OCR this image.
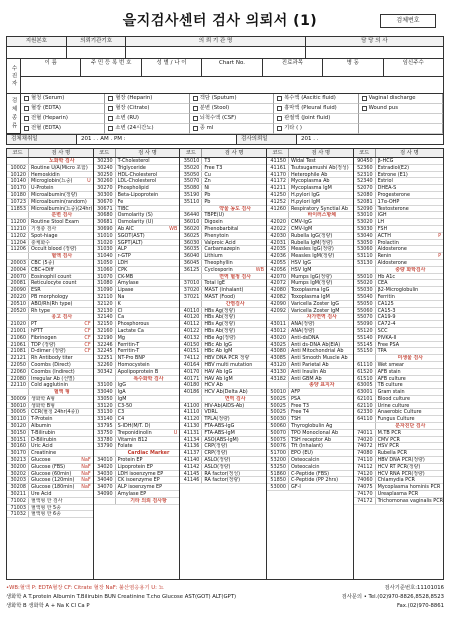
을지검사센터 검사 의뢰서 (1)	검체번호
지원본호	의뢰기관기호	의 뢰 기 관 명	담 당 의 사
수진자
이 름	주 민 등 록 번 호	성 별 / 나 이	Chart No.	진료과목	병 동	임신주수
검체종류	혈청 (Serum)	혈장 (Heparin)	객담 (Sputum)	복수액 (Ascitic fluid)	Vaginal discharge
혈장 (EDTA)	혈장 (Citrate)	분변 (Stool)	흉막액 (Pleural fluid)	Wound pus
전혈 (Heparin)	소변 (RU)	뇌척수액 (CSF)	관절액 (Joint fluid)
전혈 (EDTA)	소변 (24시간뇨)	종 ml	기타 ( )
검체채취일	201 . . AM . PM :	검사의뢰일	201 . .
코드	검 사 명
노화학 검사
10002	Routine U/A(Micro 포함)
10120	Hemoskidin
10140	Microglobin(뇨중)	U
10170	U-Protein
10180	Microalbumin(정량)
10723	Microalbumin(random)
11853	Microalbumin(뇨중)(24hr)
분변 검사
11200	Routine Stool Exam
11210	기생충 검사
11202	Spot-hiage
11204	충체화수
11206	Occult blood (정량)
혈액 검사
20003	CBC (5종)
20004	CBC+Diff
20070	Eosinophil count
20081	Reticulocyte count
20090	ESR
20220	PB morphology
20510	ABO/Rh(Rh type)
20520	Rh type
응고 검사
21020	PT	CF
21001	hPTT	CF
21060	Fibrinogen	CF
21061	TDP (정량)	CF
21081	D-dimer (정량)	CF
22121	Rh Antibody titer
22050	Coombs (Direct)
22060	Coombs (Indirect)
22080	Irregular Ab (선별)
22110	Cold agglutinin
혈액 형
30009	생화학 A형
30010	생화학 B형
30005	CCR(혈청 24hr(4종))
30110	T-Protein
30120	Albumin
30150	T-Bilirubin
30151	D-Bilirubin
30160	Uric Acid
30170	Creatinine
30213	Glucose	NaF
30200	Glucose (FBS)	NaF
30202	Glucose (60min)	NaF
30203	Glucose (120min)	NaF
30208	Glucose (180min)	NaF
30211	Ure Acid
71002	혈액형 한 검사
71003	혈액형 한 5종
71032	혈액형 한 6종
코드	검 사 명
30230	T-Cholesterol
30240	Triglyceride
30250	HDL-Cholesterol
30260	LDL-Cholesterol
30270	Phospholipid
30300	Beta-Lipoprotein
30670	Fe
30671	TIBC
30680	Osmolarity (S)
30681	Osmolarity (U)
30690	Ab AIC	WB
31010	SGOT(AST)
31020	SGPT(ALT)
31030	ALP
31040	r-GTP
31050	LDH
31060	CPK
31070	CK-MB
31080	Amylase
31090	Lipase
32110	Na
32120	K
32130	Cl
32140	Ca
32150	Phosphorous
32160	Lactate Ca
32190	Mg
32246	Ferritin-T
32245	Ferritin-T
32251	NT-Pro BNP
32260	Homocystein
30342	Apolipoprotein B
특수화학 검사
33100	IgG
33040	IgA
33050	IgM
33120	C3-50
33130	C3
33140	C4
33795	S-IDH(M/T. D)
33750	Treponidinolin	U
33780	Vitamin B12
33790	Folate
Cardiac Marker
34010	Protein EP
34020	Lipoprotein EP
34030	LDH isoenzyme EP
34040	CK isoenzyme EP
34070	ALP isoenzyme EP
34090	Amylase EP
기타 의뢰 검사항
코드	검 사 명
35010	T3
35020	Free T3
35050	Cu
35070	Zn
35080	Ni
35190	Pb
35110	Pb
약물 농도 검사
36440	TBPE(U)
36010	Digoxin
36020	Phenobarbital
36025	Phenytoin
36030	Valproic Acid
36035	Carbamazepin
36040	Lithium
36045	Theophyllin
36125	Cyclosporin	WB
면역 혈청 검사
37010	Total IgE
37020	MAST (Inhalant)
37021	MAST (Food)
간염검사
40110	HBs Ag(정량)
40120	HBs Ab(정량)
40112	HBs Ag(정량)
40122	HBs Ab(정량)
40132	HBe Ag(정량)
40150	HBc Ab IgG
40151	HBc Ab IgM
74112	HBV DNA PCR 정량
40164	HBV multi mutation
40170	HAV Ab IgG
40171	HAV Ab IgM
40180	HCV Ab
40186	HCV Ab(Delta Ab)
면역 검사
41100	HIV-Ab(AIDS-Ab)
41110	VDRL
41120	TPLA(정량)
41130	FTA-ABS-IgG
41131	FTA-ABS-IgM
41134	ASO(ABS-IgM)
41136	CRP(정량)
41137	CRP(정량)
41140	ASLO(정량)
41142	ASLO(정량)
41145	RA factor(정성)
41146	RA factor(정량)
코드	검 사 명
41150	Widal Test
41161	Tsutsugamushi Ab(정성)
41170	Heterophile Ab
41172	Mycoplasma Ab
41211	Mycoplasma IgM
41250	H.pylori IgG
41252	H.pylori IgM
41260	Respiratory Synctial Ab
바이러스항체
42020	CMV-IgG
42022	CMV-IgM
42030	Rubella IgG(정량)
42031	Rubella IgM(정량)
42035	Measles IgG(정량)
42036	Measles IgM(정량)
42055	HSV IgG
42056	HSV IgM
42070	Mumps IgG(정량)
42072	Mumps IgM(정량)
42080	Toxoplasma IgG
42082	Toxoplasma IgM
42090	Varicella Zoster IgG
42092	Varicella Zoster IgM
자가면역 검사
43011	ANA(정량)
43012	ANA(정량)
43020	Anti-dsDNA
43025	Anti ds-DNA Ab(EIA)
43080	Anti Mitochondrial Ab
43085	Anti Smooth Muscle Ab
43120	Anti Parietal Ab
43130	Anti Insulin Ab
43182	Anti GBM Ab
종양 표지자
50010	AFP
50025	PSA
50025	Free T3
50025	Free T4
50030	TSH
50060	Thyroglobulin Ag
50070	TPO Monoclonal Ab
50075	TSH receptor Ab
50076	Tft (Inhalant)
51700	EPO (EU)
53200	Osteocalcin
53250	Osteocalcin
51860	C-Peptide (FBS)
51850	C-Peptide (PP 2hrs)
53000	GF-I
코드	검 사 명
90450	β-HCG
52360	Estradiol(E2)
52310	Estrone (E1)
52340	Estriol
52070	DHEA-S
52080	Progesterone
52081	17α-OHP
52090	Testosterone
53010	IGH
53020	LH
53030	FSH
53040	ACTH	P
53050	Prolactin
53060	Aldosterone
53110	Renin	P
53130	Aldosterone
중량 화학검사
55010	Hb A1c
55020	CEA
55030	β2-Microglobulin
55040	Ferritin
55050	CA125
55060	CA15-3
55070	CA19-9
55090	CA72-4
55120	SCC
55140	PIVKA-II
55145	Free PSA
55150	TPA
미생물 검사
61110	Wet smear
61520	AFB stain
61510	AFB culture
63005	TB culture
63001	Gram stain
62101	Blood culture
62110	Urine culture
62330	Anaerobic Culture
64110	Fungus Culture
분자진단 검사
74011	M.TB PCR
74020	CMV PCR
74072	HSV PCR
74080	Rubella PCR
74110	HBV DNA PCR(정량)
74112	HCV RT PCR(정량)
74120	HCV RNA PCR(정량)
74060	Chlamydia PCR
74075	Mycoplasma hominis PCR
74170	Ureaplasma PCR
74172	Trichomonas vaginalis PCR
•WB:혈액 P: EDTA혈장 CF: Citrate 혈장 NaF: 불산염응용기 U: 뇨
생화학 A T.protein Albumin T.Bilirubin BUN Creatinine T.cho Glucose AST(GOT) ALT(GPT)
생화학 B 생화학 A + Na K Cl Ca P
검사기준번호:11101016
검사문의 • Tel.(02)970-8826,8528,8523
Fax.(02)970-8861
